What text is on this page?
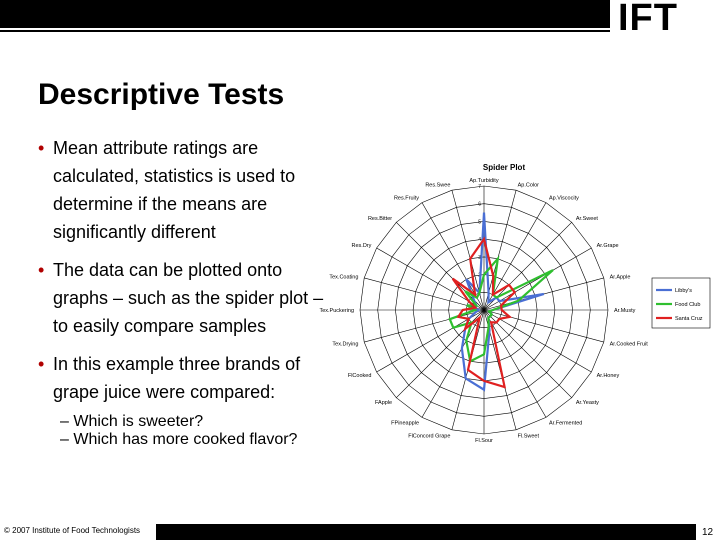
IFT
Descriptive Tests
• Mean attribute ratings are calculated, statistics is used to determine if the means are significantly different
• The data can be plotted onto graphs – such as the spider plot – to easily compare samples
• In this example three brands of grape juice were compared:
– Which is sweeter?
– Which has more cooked flavor?
Spider Plot
Ap.Turbidity
Ap.Color
Ap.Viscocity
Ar.Sweet
Ar.Grape
Ar.Apple
Ar.Musty
Ar.Cooked Fruit
Ar.Honey
Ar.Yeasty
Ar.Fermented
Fl.Sweet
Fl.Sour
FlConcord Grape
FPineapple
FApple
FlCooked
Tex.Drying
Tex.Puckering
Tex.Coating
Res.Dry
Res.Bitter
Res.Fruity
Res.Swee
1
2
3
4
5
6
7
Libby's
Food Club
Santa Cruz
© 2007 Institute of Food Technologists	12
